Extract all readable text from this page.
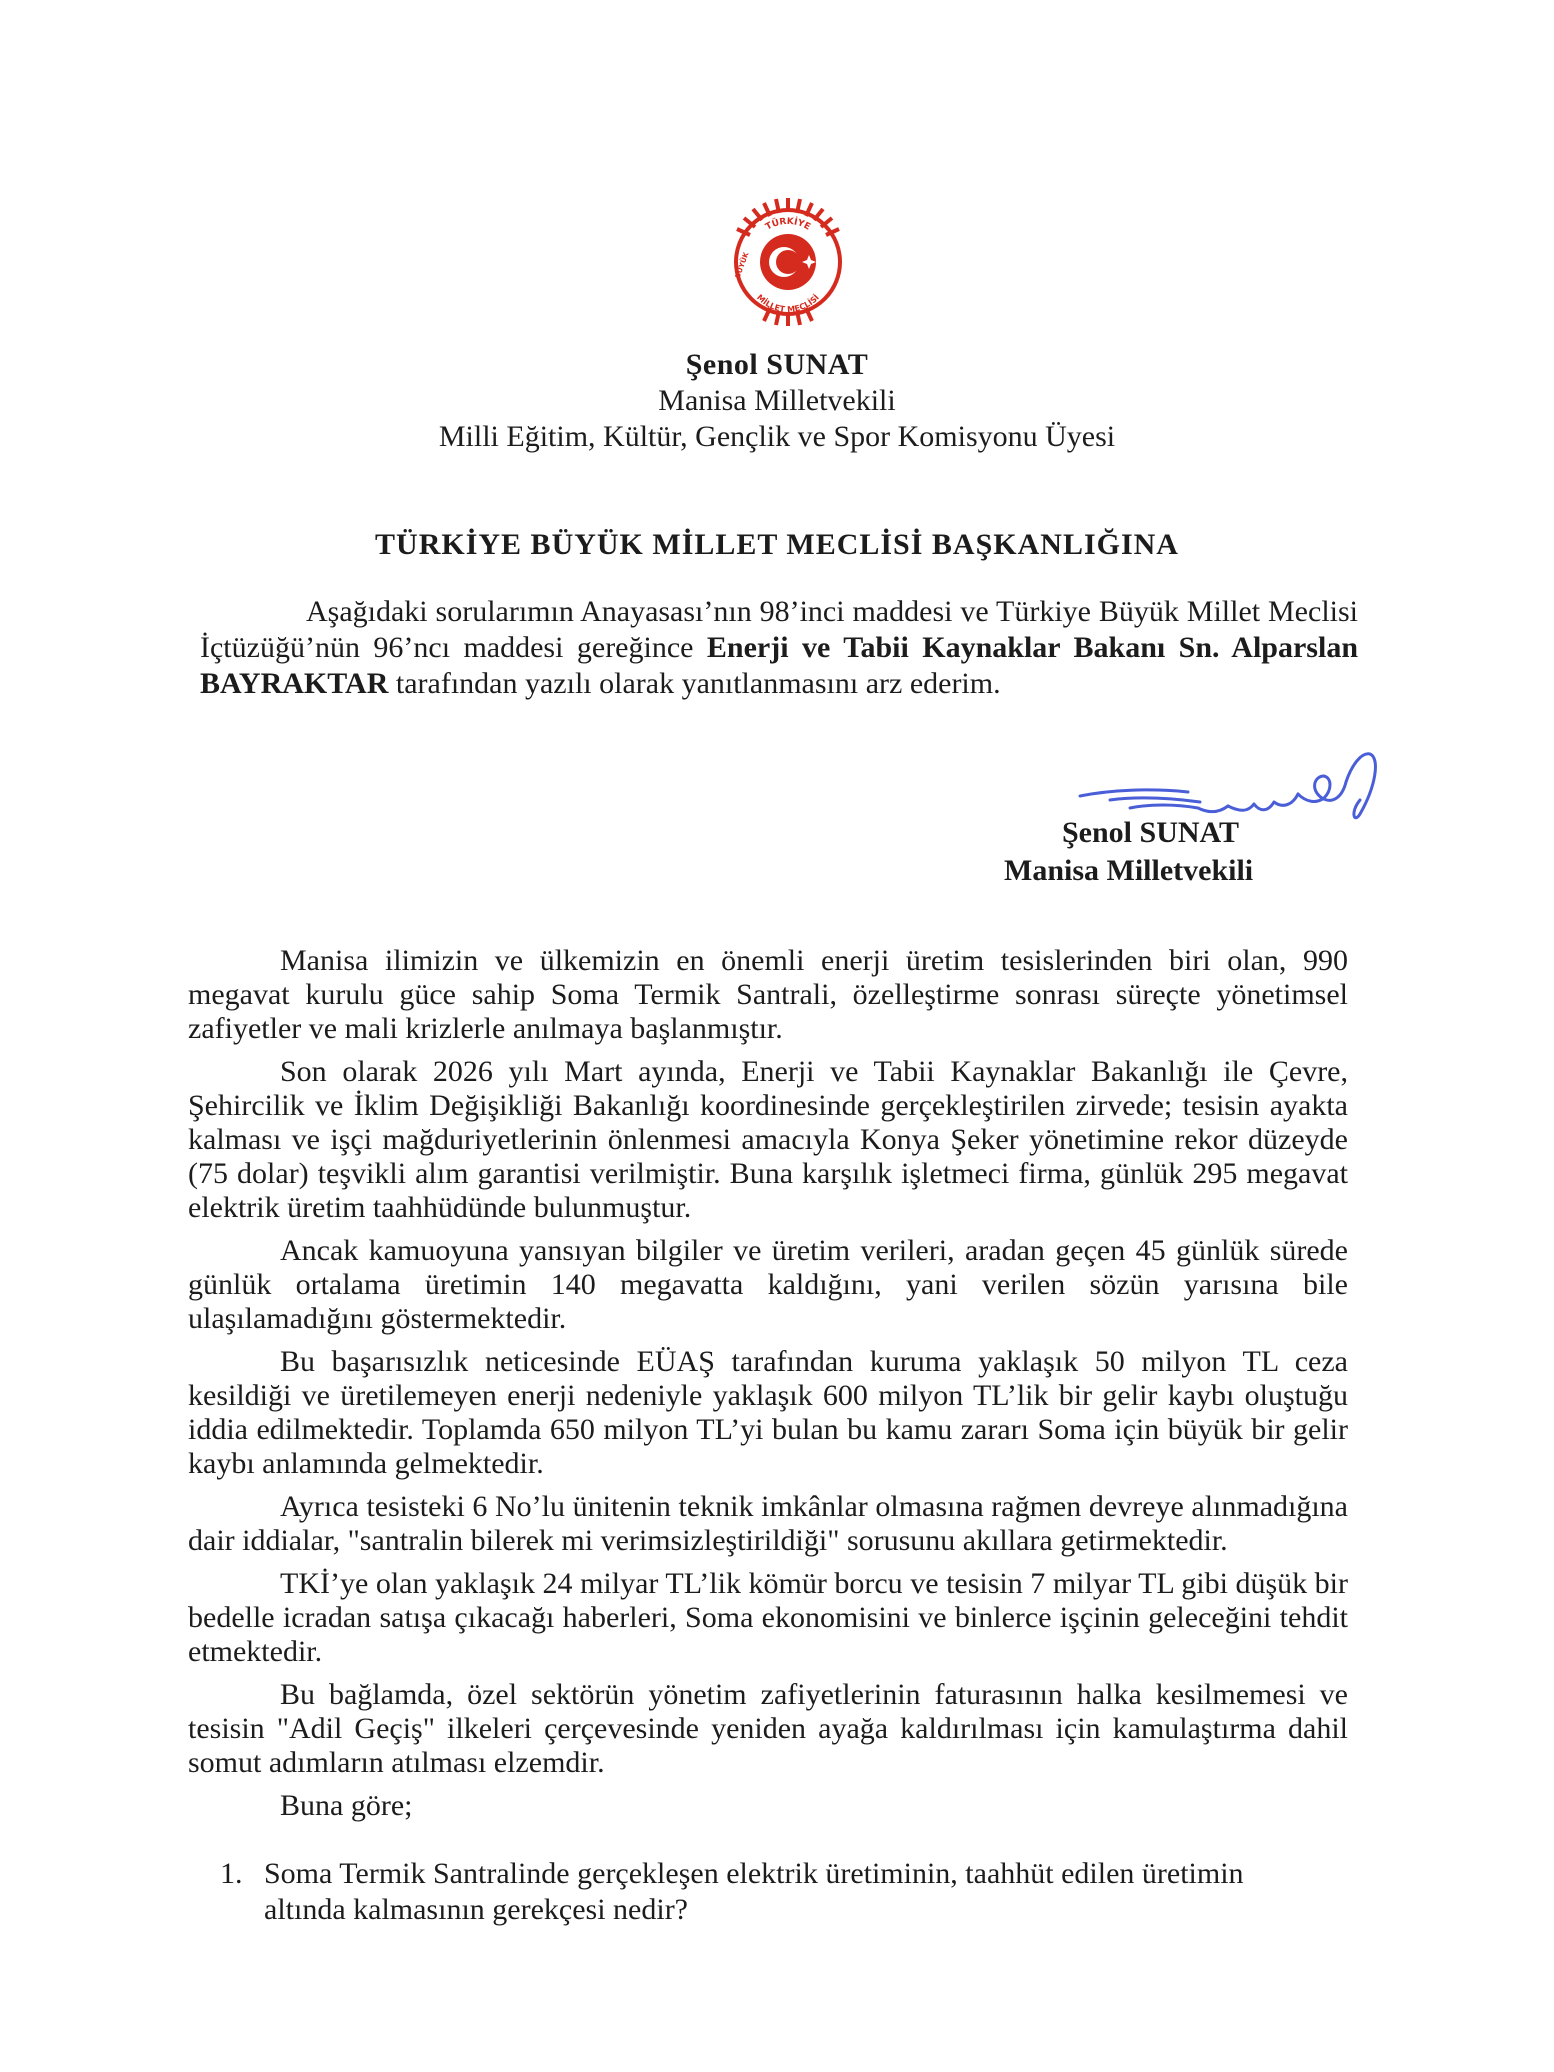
TÜRKİYE
MİLLET MECLİSİ
BÜYÜK
Şenol SUNAT
Manisa Milletvekili
Milli Eğitim, Kültür, Gençlik ve Spor Komisyonu Üyesi
TÜRKİYE BÜYÜK MİLLET MECLİSİ BAŞKANLIĞINA

Aşağıdaki sorularımın Anayasası’nın 98’inci maddesi ve Türkiye Büyük Millet Meclisi İçtüzüğü’nün 96’ncı maddesi gereğince Enerji ve Tabii Kaynaklar Bakanı Sn. Alparslan BAYRAKTAR tarafından yazılı olarak yanıtlanmasını arz ederim.

Şenol SUNAT
Manisa Milletvekili

Manisa ilimizin ve ülkemizin en önemli enerji üretim tesislerinden biri olan, 990 megavat kurulu güce sahip Soma Termik Santrali, özelleştirme sonrası süreçte yönetimsel zafiyetler ve mali krizlerle anılmaya başlanmıştır.

Son olarak 2026 yılı Mart ayında, Enerji ve Tabii Kaynaklar Bakanlığı ile Çevre, Şehircilik ve İklim Değişikliği Bakanlığı koordinesinde gerçekleştirilen zirvede; tesisin ayakta kalması ve işçi mağduriyetlerinin önlenmesi amacıyla Konya Şeker yönetimine rekor düzeyde (75 dolar) teşvikli alım garantisi verilmiştir. Buna karşılık işletmeci firma, günlük 295 megavat elektrik üretim taahhüdünde bulunmuştur.

Ancak kamuoyuna yansıyan bilgiler ve üretim verileri, aradan geçen 45 günlük sürede günlük ortalama üretimin 140 megavatta kaldığını, yani verilen sözün yarısına bile ulaşılamadığını göstermektedir.

Bu başarısızlık neticesinde EÜAŞ tarafından kuruma yaklaşık 50 milyon TL ceza kesildiği ve üretilemeyen enerji nedeniyle yaklaşık 600 milyon TL’lik bir gelir kaybı oluştuğu iddia edilmektedir. Toplamda 650 milyon TL’yi bulan bu kamu zararı Soma için büyük bir gelir kaybı anlamında gelmektedir.

Ayrıca tesisteki 6 No’lu ünitenin teknik imkânlar olmasına rağmen devreye alınmadığına dair iddialar, "santralin bilerek mi verimsizleştirildiği" sorusunu akıllara getirmektedir.

TKİ’ye olan yaklaşık 24 milyar TL’lik kömür borcu ve tesisin 7 milyar TL gibi düşük bir bedelle icradan satışa çıkacağı haberleri, Soma ekonomisini ve binlerce işçinin geleceğini tehdit etmektedir.

Bu bağlamda, özel sektörün yönetim zafiyetlerinin faturasının halka kesilmemesi ve tesisin "Adil Geçiş" ilkeleri çerçevesinde yeniden ayağa kaldırılması için kamulaştırma dahil somut adımların atılması elzemdir.

Buna göre;

1. Soma Termik Santralinde gerçekleşen elektrik üretiminin, taahhüt edilen üretimin altında kalmasının gerekçesi nedir?
